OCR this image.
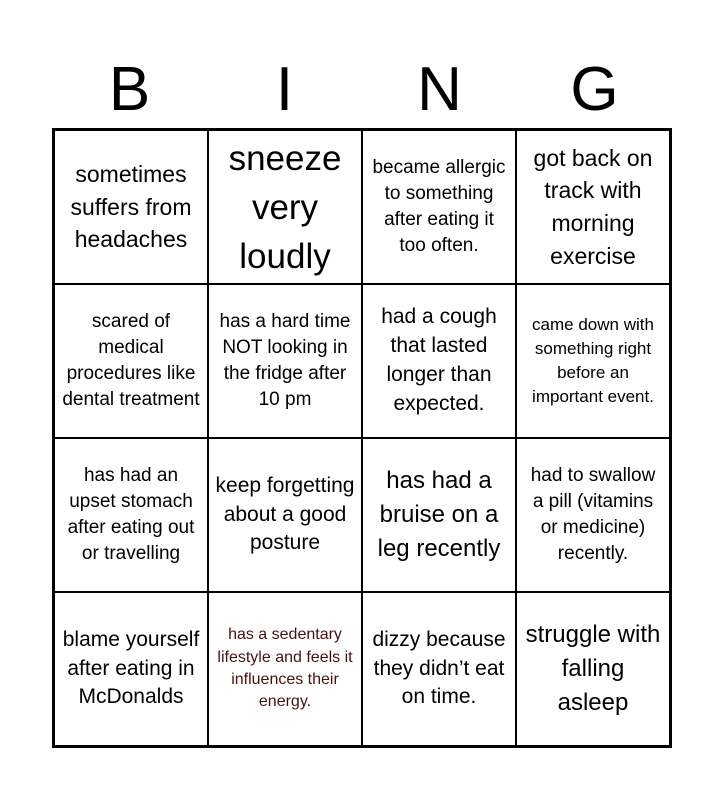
B	I	N	G
sometimes suffers from headaches
sneeze very loudly
became allergic to something after eating it too often.
got back on track with morning exercise
scared of medical procedures like dental treatment
has a hard time NOT looking in the fridge after 10 pm
had a cough that lasted longer than expected.
came down with something right before an important event.
has had an upset stomach after eating out or travelling
keep forgetting about a good posture
has had a bruise on a leg recently
had to swallow a pill (vitamins or medicine) recently.
blame yourself after eating in McDonalds
has a sedentary lifestyle and feels it influences their energy.
dizzy because they didn’t eat on time.
struggle with falling asleep
